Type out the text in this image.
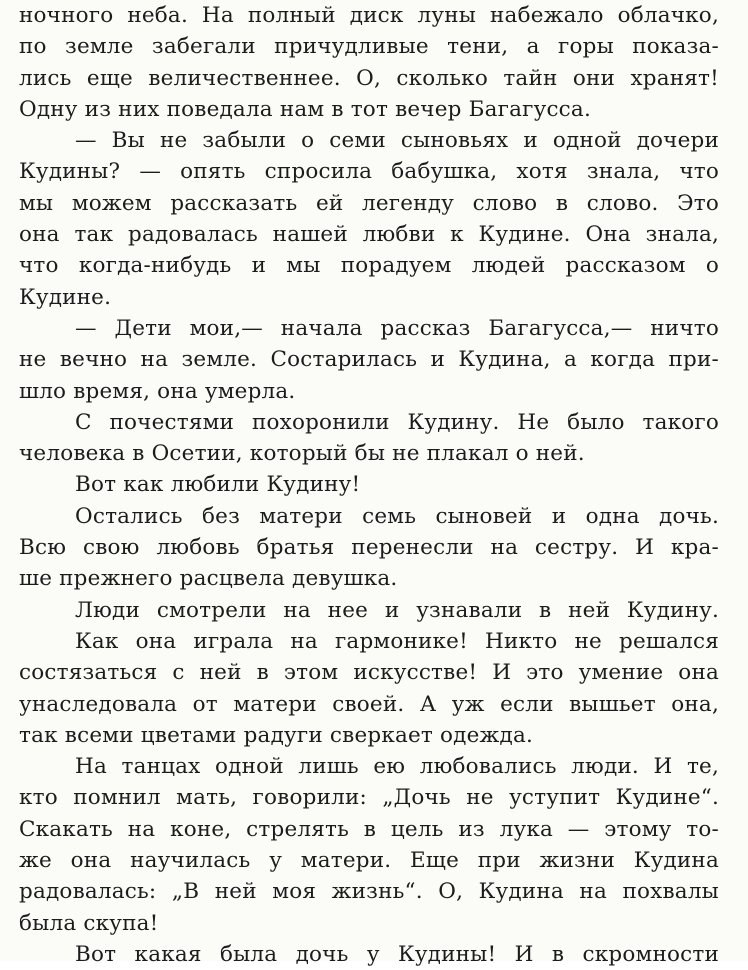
ночного неба. На полный диск луны набежало облачко,
по земле забегали причудливые тени, а горы показа-
лись еще величественнее. О, сколько тайн они хранят!
Одну из них поведала нам в тот вечер Багагусса.
— Вы не забыли о семи сыновьях и одной дочери
Кудины? — опять спросила бабушка, хотя знала, что
мы можем рассказать ей легенду слово в слово. Это
она так радовалась нашей любви к Кудине. Она знала,
что когда-нибудь и мы порадуем людей рассказом о
Кудине.
— Дети мои,— начала рассказ Багагусса,— ничто
не вечно на земле. Состарилась и Кудина, а когда при-
шло время, она умерла.
С почестями похоронили Кудину. Не было такого
человека в Осетии, который бы не плакал о ней.
Вот как любили Кудину!
Остались без матери семь сыновей и одна дочь.
Всю свою любовь братья перенесли на сестру. И кра-
ше прежнего расцвела девушка.
Люди смотрели на нее и узнавали в ней Кудину.
Как она играла на гармонике! Никто не решался
состязаться с ней в этом искусстве! И это умение она
унаследовала от матери своей. А уж если вышьет она,
так всеми цветами радуги сверкает одежда.
На танцах одной лишь ею любовались люди. И те,
кто помнил мать, говорили: „Дочь не уступит Кудине“.
Скакать на коне, стрелять в цель из лука — этому то-
же она научилась у матери. Еще при жизни Кудина
радовалась: „В ней моя жизнь“. О, Кудина на похвалы
была скупа!
Вот какая была дочь у Кудины! И в скромности
